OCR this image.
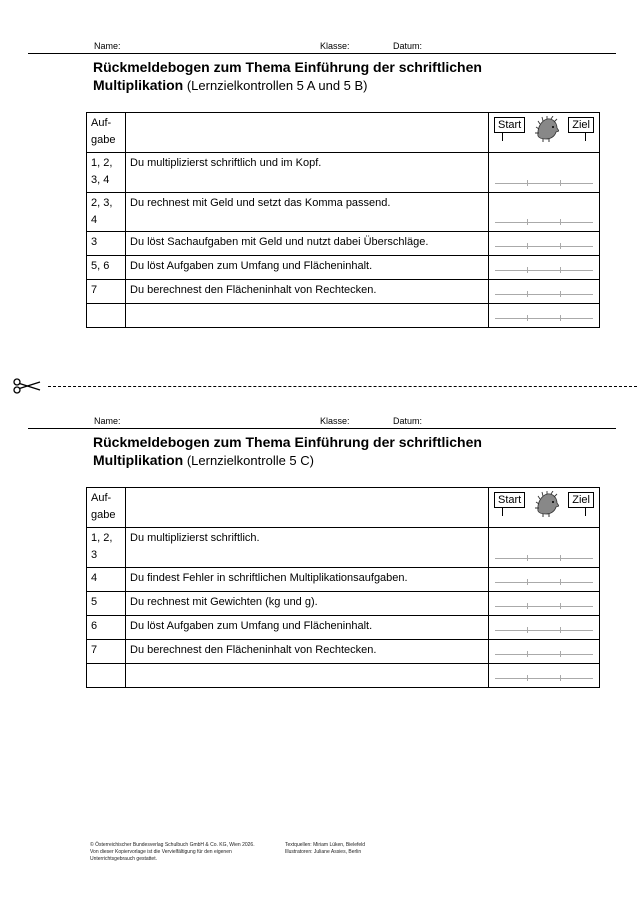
Name:	Klasse:	Datum:
Rückmeldebogen zum Thema Einführung der schriftlichen
Multiplikation (Lernzielkontrollen 5 A und 5 B)
Auf-
gabe		Start Ziel

1, 2,
3, 4	Du multiplizierst schriftlich und im Kopf.	

2, 3,
4	Du rechnest mit Geld und setzt das Komma passend.	

3	Du löst Sachaufgaben mit Geld und nutzt dabei Überschläge.	

5, 6	Du löst Aufgaben zum Umfang und Flächeninhalt.	

7	Du berechnest den Flächeninhalt von Rechtecken.	

Name:	Klasse:	Datum:
Rückmeldebogen zum Thema Einführung der schriftlichen
Multiplikation (Lernzielkontrolle 5 C)
Auf-
gabe		Start Ziel

1, 2,
3	Du multiplizierst schriftlich.	

4	Du findest Fehler in schriftlichen Multiplikationsaufgaben.	

5	Du rechnest mit Gewichten (kg und g).	

6	Du löst Aufgaben zum Umfang und Flächeninhalt.	

7	Du berechnest den Flächeninhalt von Rechtecken.	

© Österreichischer Bundesverlag Schulbuch GmbH & Co. KG, Wien 2026.
Von dieser Kopiervorlage ist die Vervielfältigung für den eigenen
Unterrichtsgebrauch gestattet.
Textquellen: Miriam Lüken, Bielefeld
Illustratoren: Juliane Assies, Berlin
